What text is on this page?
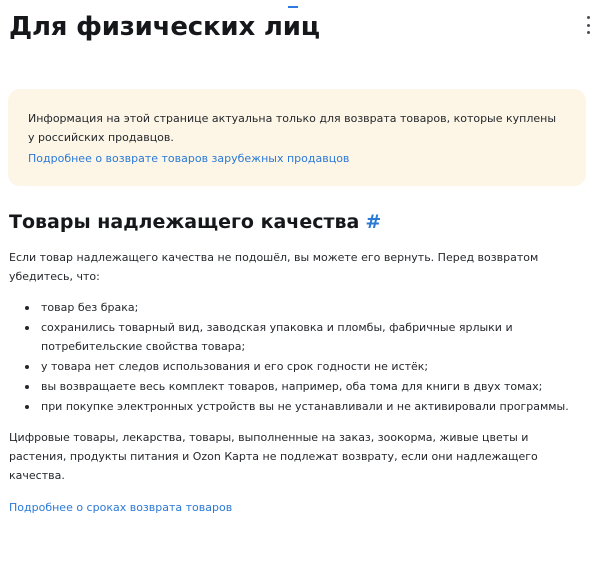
Для физических лиц

Информация на этой странице актуальна только для возврата товаров, которые куплены у российских продавцов.

Подробнее о возврате товаров зарубежных продавцов
Товары надлежащего качества #

Если товар надлежащего качества не подошёл, вы можете его вернуть. Перед возвратом убедитесь, что:

товар без брака;
сохранились товарный вид, заводская упаковка и пломбы, фабричные ярлыки и потребительские свойства товара;
у товара нет следов использования и его срок годности не истёк;
вы возвращаете весь комплект товаров, например, оба тома для книги в двух томах;
при покупке электронных устройств вы не устанавливали и не активировали программы.

Цифровые товары, лекарства, товары, выполненные на заказ, зоокорма, живые цветы и растения, продукты питания и Ozon Карта не подлежат возврату, если они надлежащего качества.

Подробнее о сроках возврата товаров
